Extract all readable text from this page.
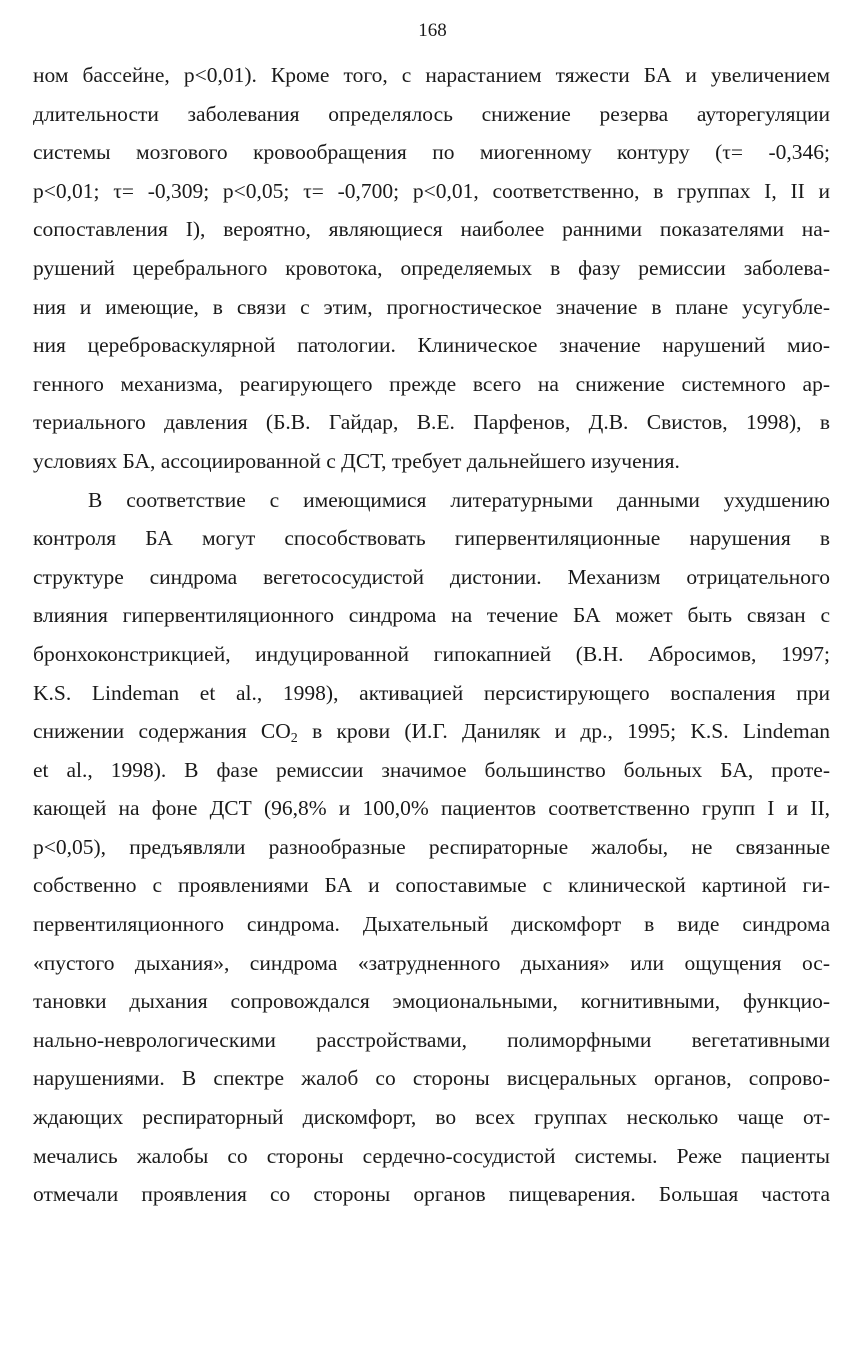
168
ном бассейне, p<0,01). Кроме того, с нарастанием тяжести БА и увеличением
длительности заболевания определялось снижение резерва ауторегуляции
системы мозгового кровообращения по миогенному контуру (τ= -0,346;
p<0,01; τ= -0,309; p<0,05; τ= -0,700; p<0,01, соответственно, в группах I, II и
сопоставления I), вероятно, являющиеся наиболее ранними показателями на-
рушений церебрального кровотока, определяемых в фазу ремиссии заболева-
ния и имеющие, в связи с этим, прогностическое значение в плане усугубле-
ния цереброваскулярной патологии. Клиническое значение нарушений мио-
генного механизма, реагирующего прежде всего на снижение системного ар-
териального давления (Б.В. Гайдар, В.Е. Парфенов, Д.В. Свистов, 1998), в
условиях БА, ассоциированной с ДСТ, требует дальнейшего изучения.
В соответствие с имеющимися литературными данными ухудшению
контроля БА могут способствовать гипервентиляционные нарушения в
структуре синдрома вегетососудистой дистонии. Механизм отрицательного
влияния гипервентиляционного синдрома на течение БА может быть связан с
бронхоконстрикцией, индуцированной гипокапнией (В.Н. Абросимов, 1997;
K.S. Lindeman et al., 1998), активацией персистирующего воспаления при
снижении содержания $CO_2$ в крови (И.Г. Даниляк и др., 1995; K.S. Lindeman
et al., 1998). В фазе ремиссии значимое большинство больных БА, проте-
кающей на фоне ДСТ (96,8% и 100,0% пациентов соответственно групп I и II,
p<0,05), предъявляли разнообразные респираторные жалобы, не связанные
собственно с проявлениями БА и сопоставимые с клинической картиной ги-
первентиляционного синдрома. Дыхательный дискомфорт в виде синдрома
«пустого дыхания», синдрома «затрудненного дыхания» или ощущения ос-
тановки дыхания сопровождался эмоциональными, когнитивными, функцио-
нально-неврологическими расстройствами, полиморфными вегетативными
нарушениями. В спектре жалоб со стороны висцеральных органов, сопрово-
ждающих респираторный дискомфорт, во всех группах несколько чаще от-
мечались жалобы со стороны сердечно-сосудистой системы. Реже пациенты
отмечали проявления со стороны органов пищеварения. Большая частота
